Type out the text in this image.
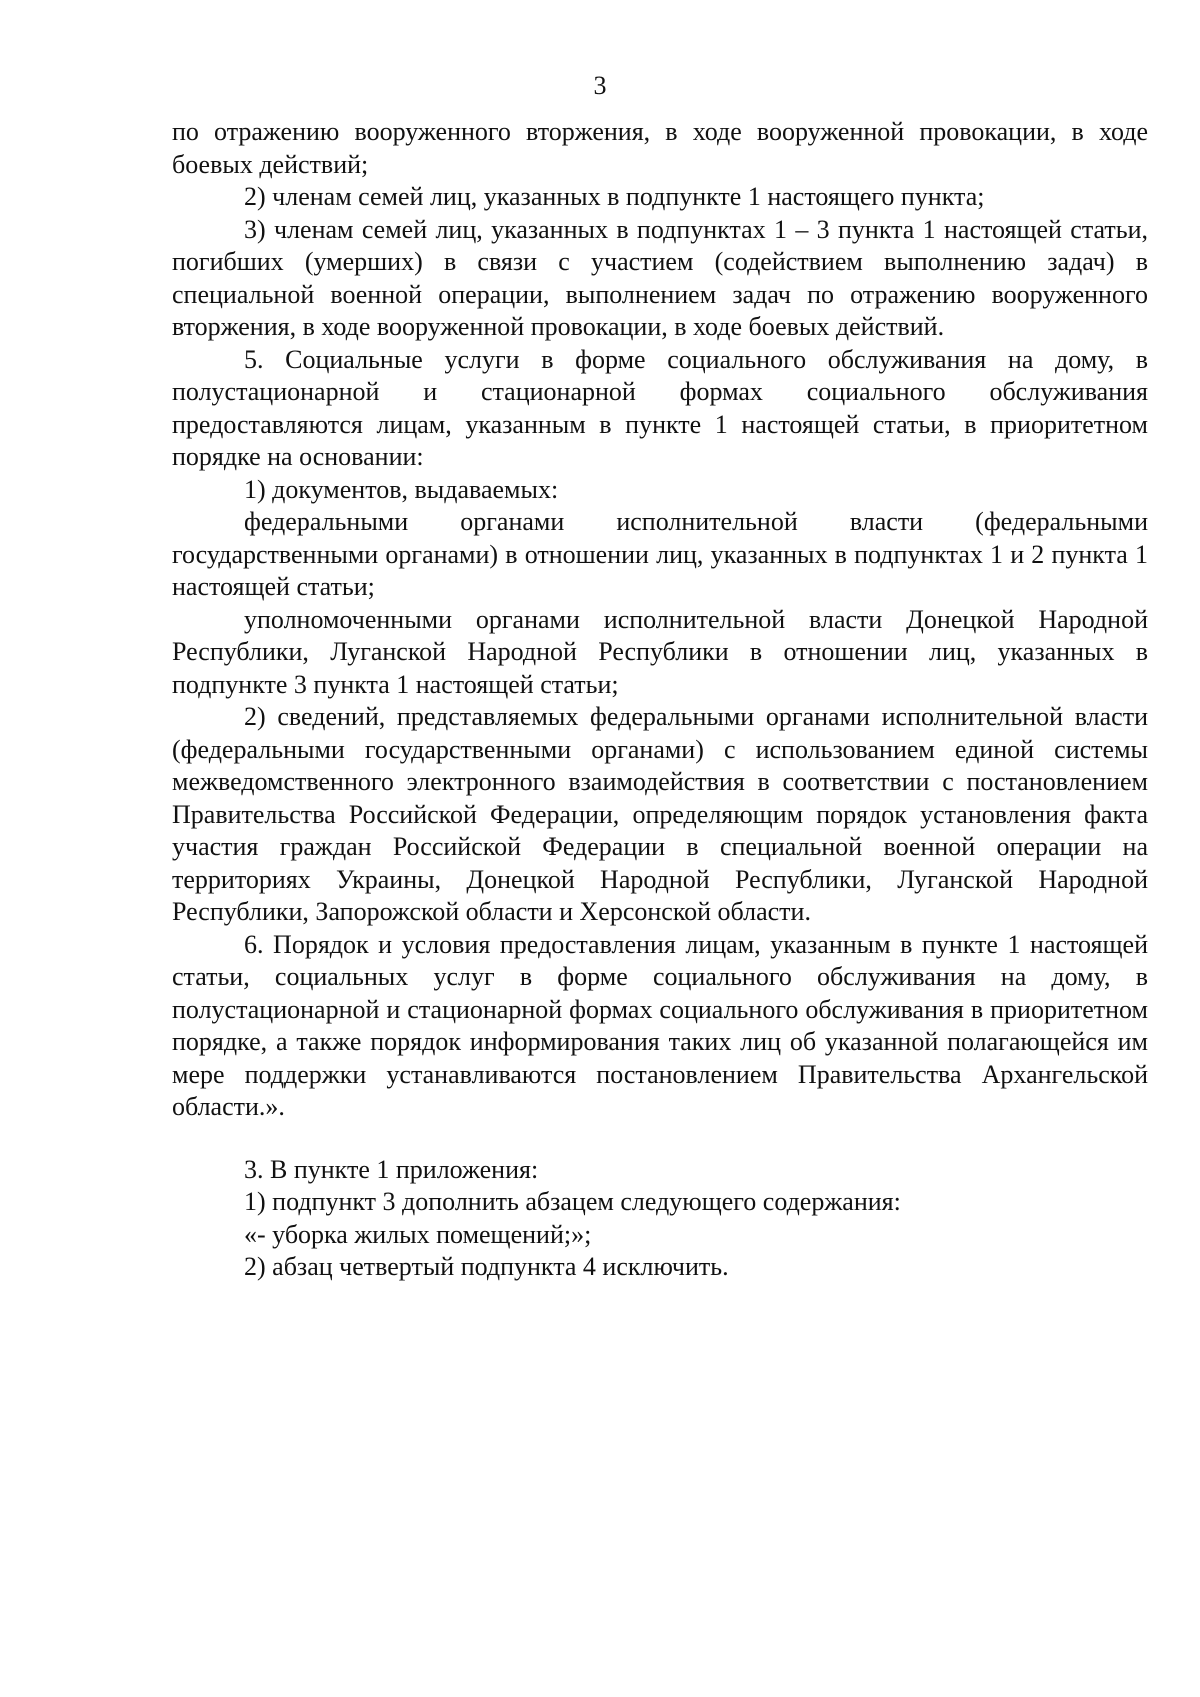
3

по отражению вооруженного вторжения, в ходе вооруженной провокации, в ходе боевых действий;

2) членам семей лиц, указанных в подпункте 1 настоящего пункта;

3) членам семей лиц, указанных в подпунктах 1 – 3 пункта 1 настоящей статьи, погибших (умерших) в связи с участием (содействием выполнению задач) в специальной военной операции, выполнением задач по отражению вооруженного вторжения, в ходе вооруженной провокации, в ходе боевых действий.

5. Социальные услуги в форме социального обслуживания на дому, в полустационарной и стационарной формах социального обслуживания предоставляются лицам, указанным в пункте 1 настоящей статьи, в приоритетном порядке на основании:

1) документов, выдаваемых:

федеральными органами исполнительной власти (федеральными государственными органами) в отношении лиц, указанных в подпунктах 1 и 2 пункта 1 настоящей статьи;

уполномоченными органами исполнительной власти Донецкой Народной Республики, Луганской Народной Республики в отношении лиц, указанных в подпункте 3 пункта 1 настоящей статьи;

2) сведений, представляемых федеральными органами исполнительной власти (федеральными государственными органами) с использованием единой системы межведомственного электронного взаимодействия в соответствии с постановлением Правительства Российской Федерации, определяющим порядок установления факта участия граждан Российской Федерации в специальной военной операции на территориях Украины, Донецкой Народной Республики, Луганской Народной Республики, Запорожской области и Херсонской области.

6. Порядок и условия предоставления лицам, указанным в пункте 1 настоящей статьи, социальных услуг в форме социального обслуживания на дому, в полустационарной и стационарной формах социального обслуживания в приоритетном порядке, а также порядок информирования таких лиц об указанной полагающейся им мере поддержки устанавливаются постановлением Правительства Архангельской области.».

3. В пункте 1 приложения:

1) подпункт 3 дополнить абзацем следующего содержания:

«- уборка жилых помещений;»;

2) абзац четвертый подпункта 4 исключить.
